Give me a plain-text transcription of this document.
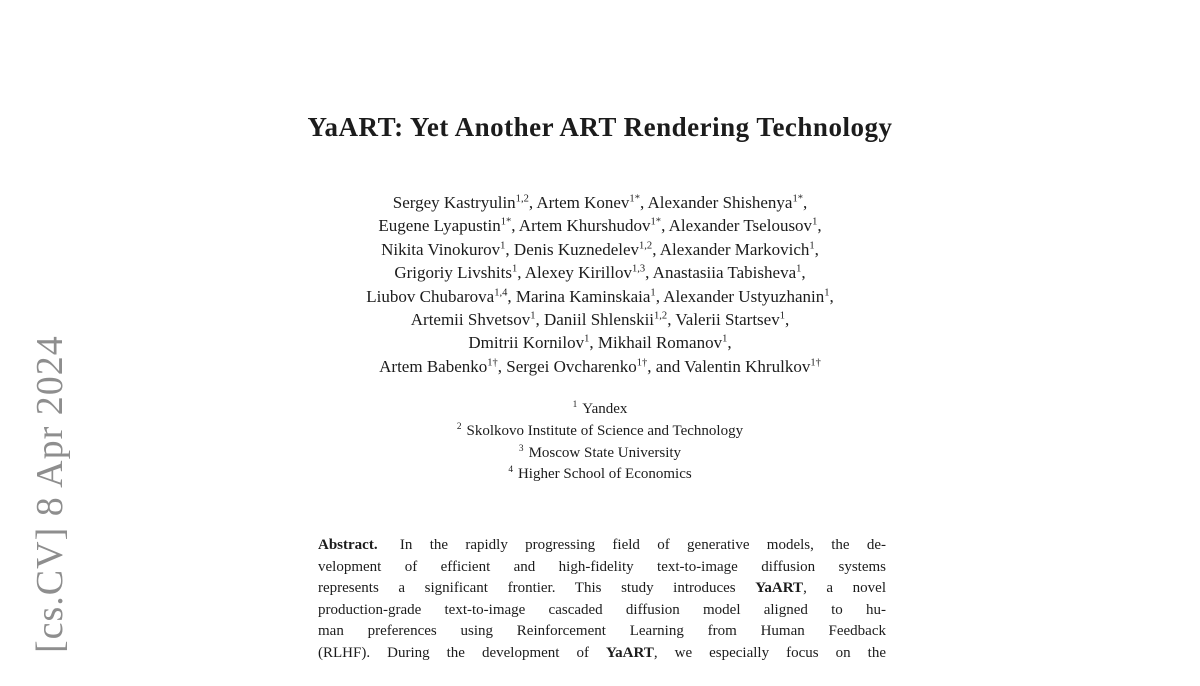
[cs.CV] 8 Apr 2024
YaART: Yet Another ART Rendering Technology
Sergey Kastryulin$^{1,2}$, Artem Konev$^{1*}$, Alexander Shishenya$^{1*}$,
Eugene Lyapustin$^{1*}$, Artem Khurshudov$^{1*}$, Alexander Tselousov$^1$,
Nikita Vinokurov$^1$, Denis Kuznedelev$^{1,2}$, Alexander Markovich$^1$,
Grigoriy Livshits$^1$, Alexey Kirillov$^{1,3}$, Anastasiia Tabisheva$^1$,
Liubov Chubarova$^{1,4}$, Marina Kaminskaia$^1$, Alexander Ustyuzhanin$^1$,
Artemii Shvetsov$^1$, Daniil Shlenskii$^{1,2}$, Valerii Startsev$^1$,
Dmitrii Kornilov$^1$, Mikhail Romanov$^1$,
Artem Babenko$^{1\dagger}$, Sergei Ovcharenko$^{1\dagger}$, and Valentin Khrulkov$^{1\dagger}$
$^1$ Yandex
$^2$ Skolkovo Institute of Science and Technology
$^3$ Moscow State University
$^4$ Higher School of Economics
Abstract. In the rapidly progressing field of generative models, the de-
velopment of efficient and high-fidelity text-to-image diffusion systems
represents a significant frontier. This study introduces YaART, a novel
production-grade text-to-image cascaded diffusion model aligned to hu-
man preferences using Reinforcement Learning from Human Feedback
(RLHF). During the development of YaART, we especially focus on the
